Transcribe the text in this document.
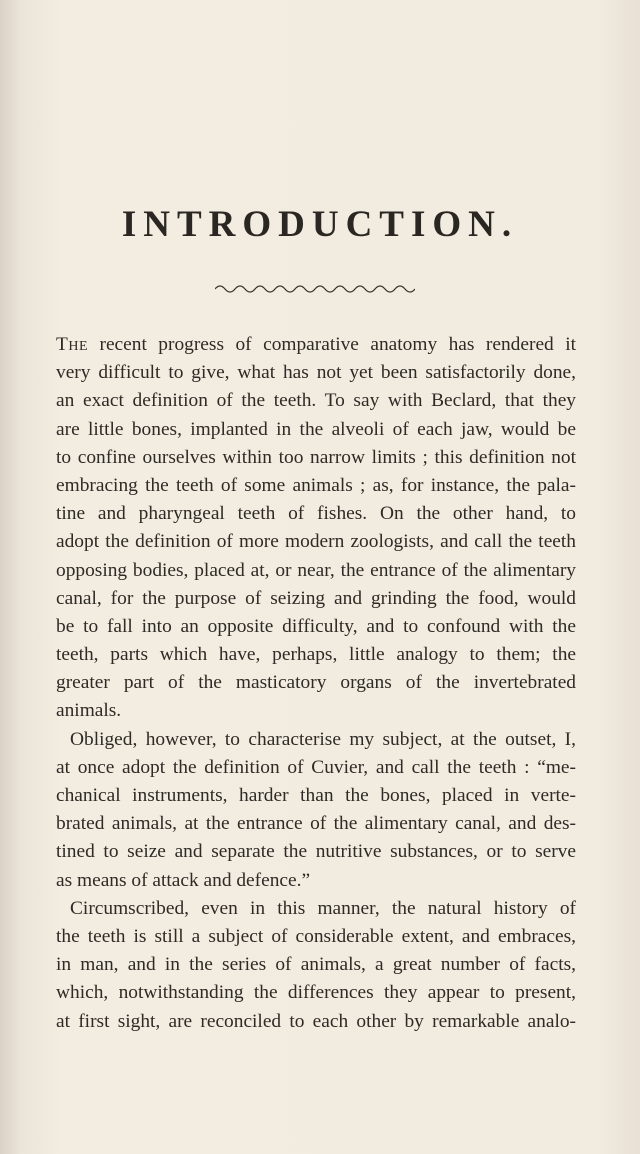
INTRODUCTION.
The recent progress of comparative anatomy has rendered it
very difficult to give, what has not yet been satisfactorily done,
an exact definition of the teeth. To say with Beclard, that they
are little bones, implanted in the alveoli of each jaw, would be
to confine ourselves within too narrow limits ; this definition not
embracing the teeth of some animals ; as, for instance, the pala-
tine and pharyngeal teeth of fishes. On the other hand, to
adopt the definition of more modern zoologists, and call the teeth
opposing bodies, placed at, or near, the entrance of the alimentary
canal, for the purpose of seizing and grinding the food, would
be to fall into an opposite difficulty, and to confound with the
teeth, parts which have, perhaps, little analogy to them; the
greater part of the masticatory organs of the invertebrated
animals.
Obliged, however, to characterise my subject, at the outset, I,
at once adopt the definition of Cuvier, and call the teeth : “me-
chanical instruments, harder than the bones, placed in verte-
brated animals, at the entrance of the alimentary canal, and des-
tined to seize and separate the nutritive substances, or to serve
as means of attack and defence.”
Circumscribed, even in this manner, the natural history of
the teeth is still a subject of considerable extent, and embraces,
in man, and in the series of animals, a great number of facts,
which, notwithstanding the differences they appear to present,
at first sight, are reconciled to each other by remarkable analo-
